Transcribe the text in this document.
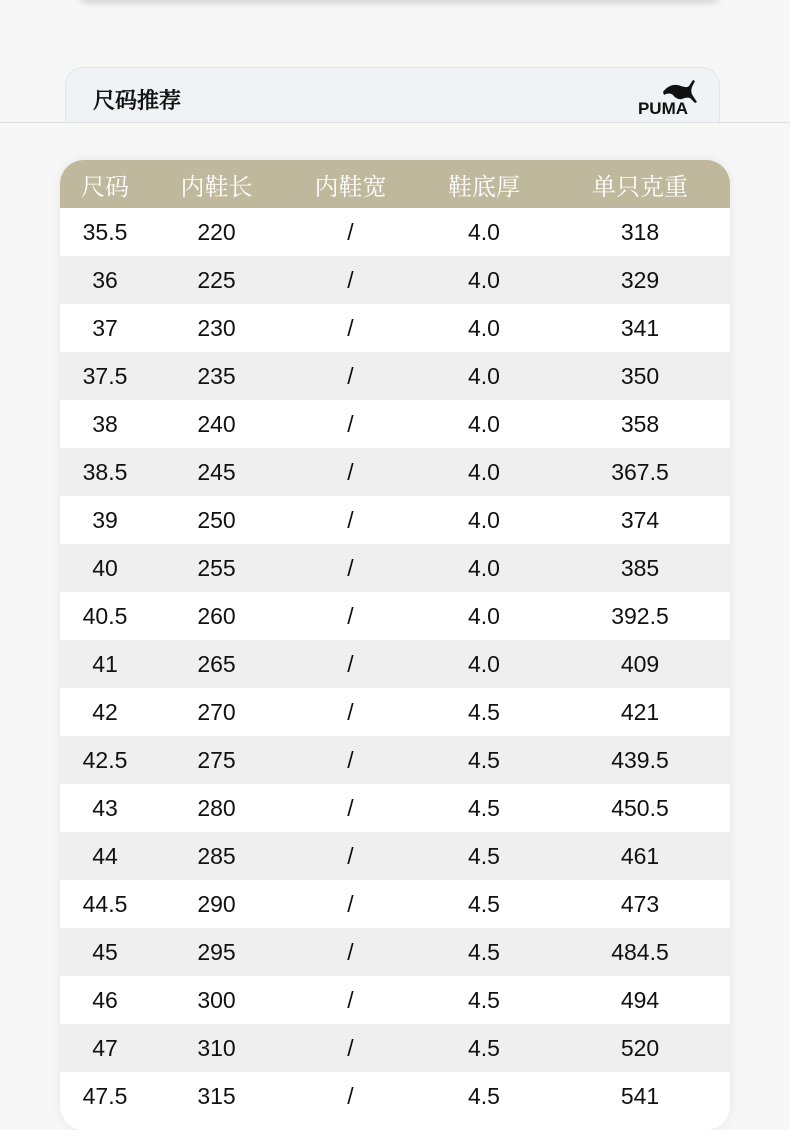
尺码推荐	PUMA
尺码	内鞋长	内鞋宽	鞋底厚	单只克重
35.5	220	/	4.0	318
36	225	/	4.0	329
37	230	/	4.0	341
37.5	235	/	4.0	350
38	240	/	4.0	358
38.5	245	/	4.0	367.5
39	250	/	4.0	374
40	255	/	4.0	385
40.5	260	/	4.0	392.5
41	265	/	4.0	409
42	270	/	4.5	421
42.5	275	/	4.5	439.5
43	280	/	4.5	450.5
44	285	/	4.5	461
44.5	290	/	4.5	473
45	295	/	4.5	484.5
46	300	/	4.5	494
47	310	/	4.5	520
47.5	315	/	4.5	541
